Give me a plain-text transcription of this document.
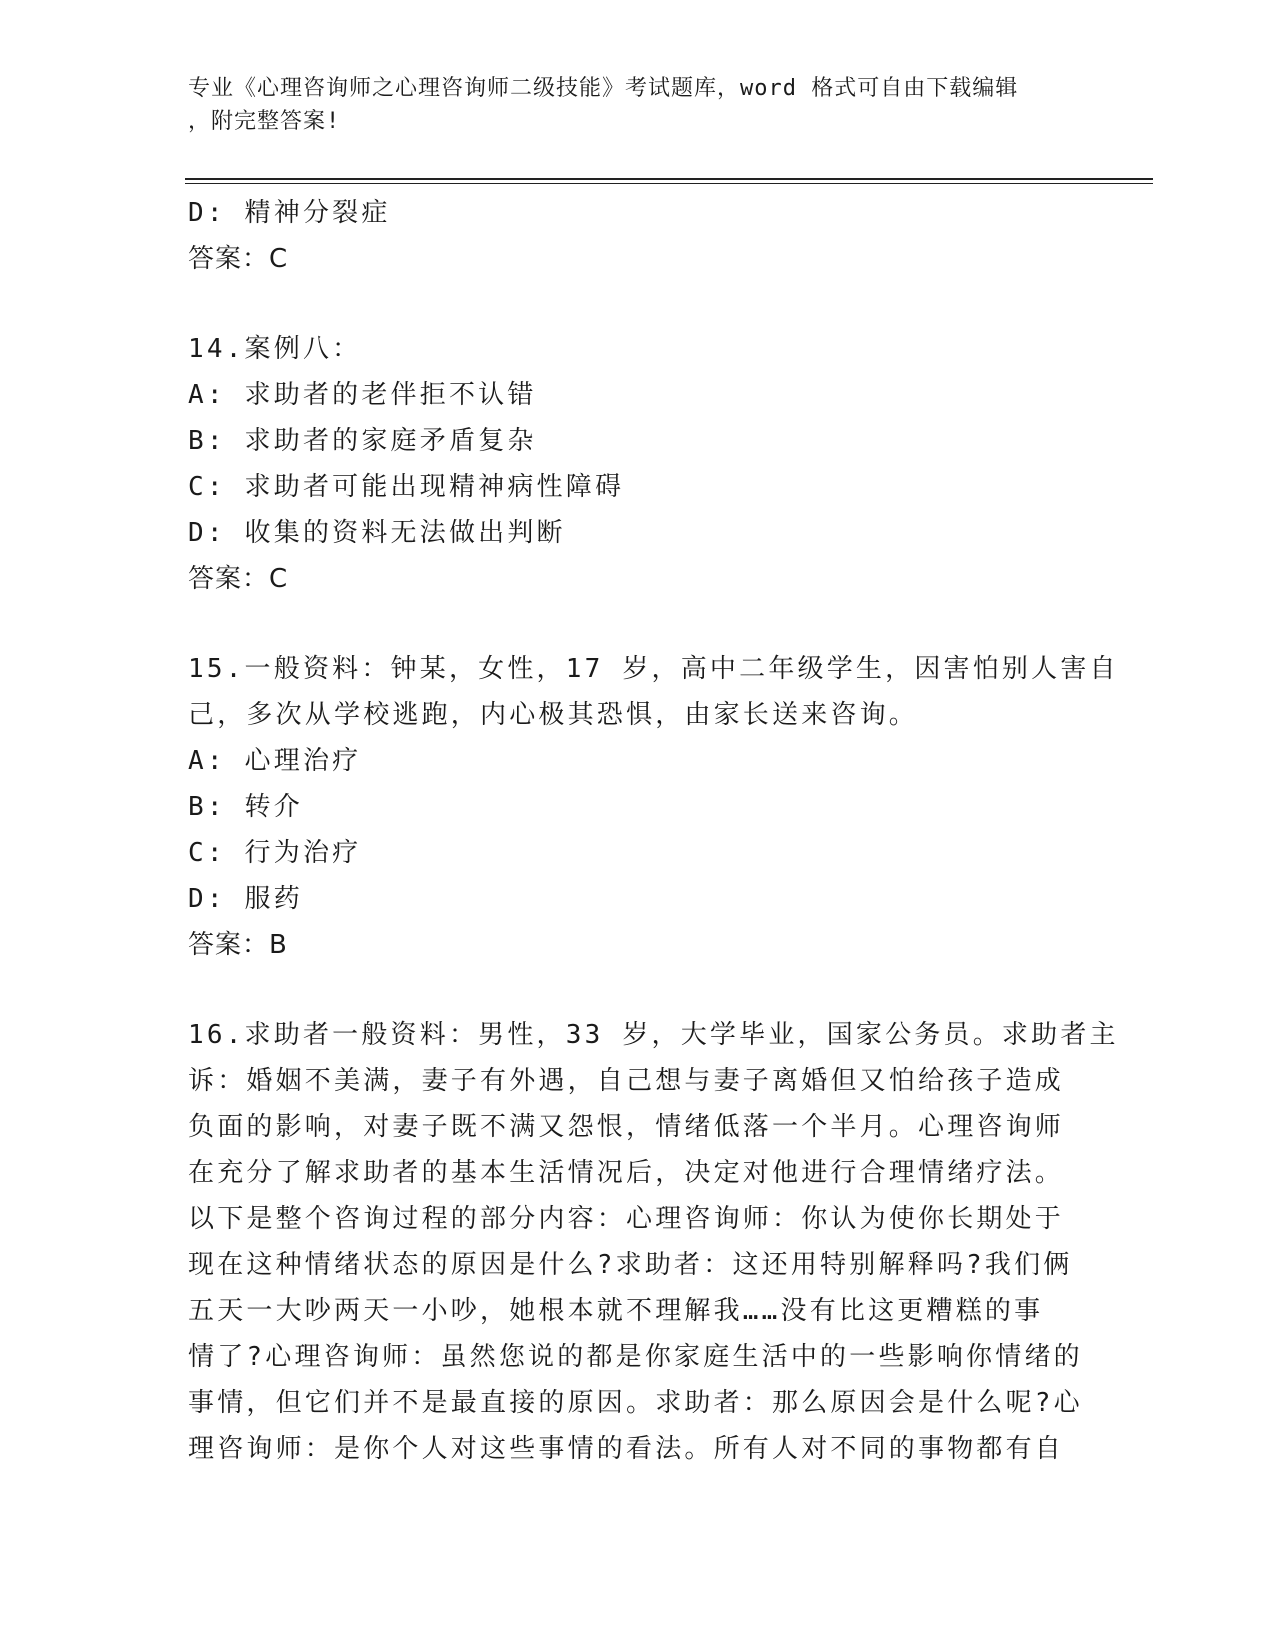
专业《心理咨询师之心理咨询师二级技能》考试题库，word 格式可自由下载编辑
，附完整答案!
D: 精神分裂症
答案：C
14.案例八：
A: 求助者的老伴拒不认错
B: 求助者的家庭矛盾复杂
C: 求助者可能出现精神病性障碍
D: 收集的资料无法做出判断
答案：C
15.一般资料：钟某，女性，17 岁，高中二年级学生，因害怕别人害自
己，多次从学校逃跑，内心极其恐惧，由家长送来咨询。
A: 心理治疗
B: 转介
C: 行为治疗
D: 服药
答案：B
16.求助者一般资料：男性，33 岁，大学毕业，国家公务员。求助者主
诉：婚姻不美满，妻子有外遇，自己想与妻子离婚但又怕给孩子造成
负面的影响，对妻子既不满又怨恨，情绪低落一个半月。心理咨询师
在充分了解求助者的基本生活情况后，决定对他进行合理情绪疗法。
以下是整个咨询过程的部分内容：心理咨询师：你认为使你长期处于
现在这种情绪状态的原因是什么?求助者：这还用特别解释吗?我们俩
五天一大吵两天一小吵，她根本就不理解我……没有比这更糟糕的事
情了?心理咨询师：虽然您说的都是你家庭生活中的一些影响你情绪的
事情，但它们并不是最直接的原因。求助者：那么原因会是什么呢?心
理咨询师：是你个人对这些事情的看法。所有人对不同的事物都有自
